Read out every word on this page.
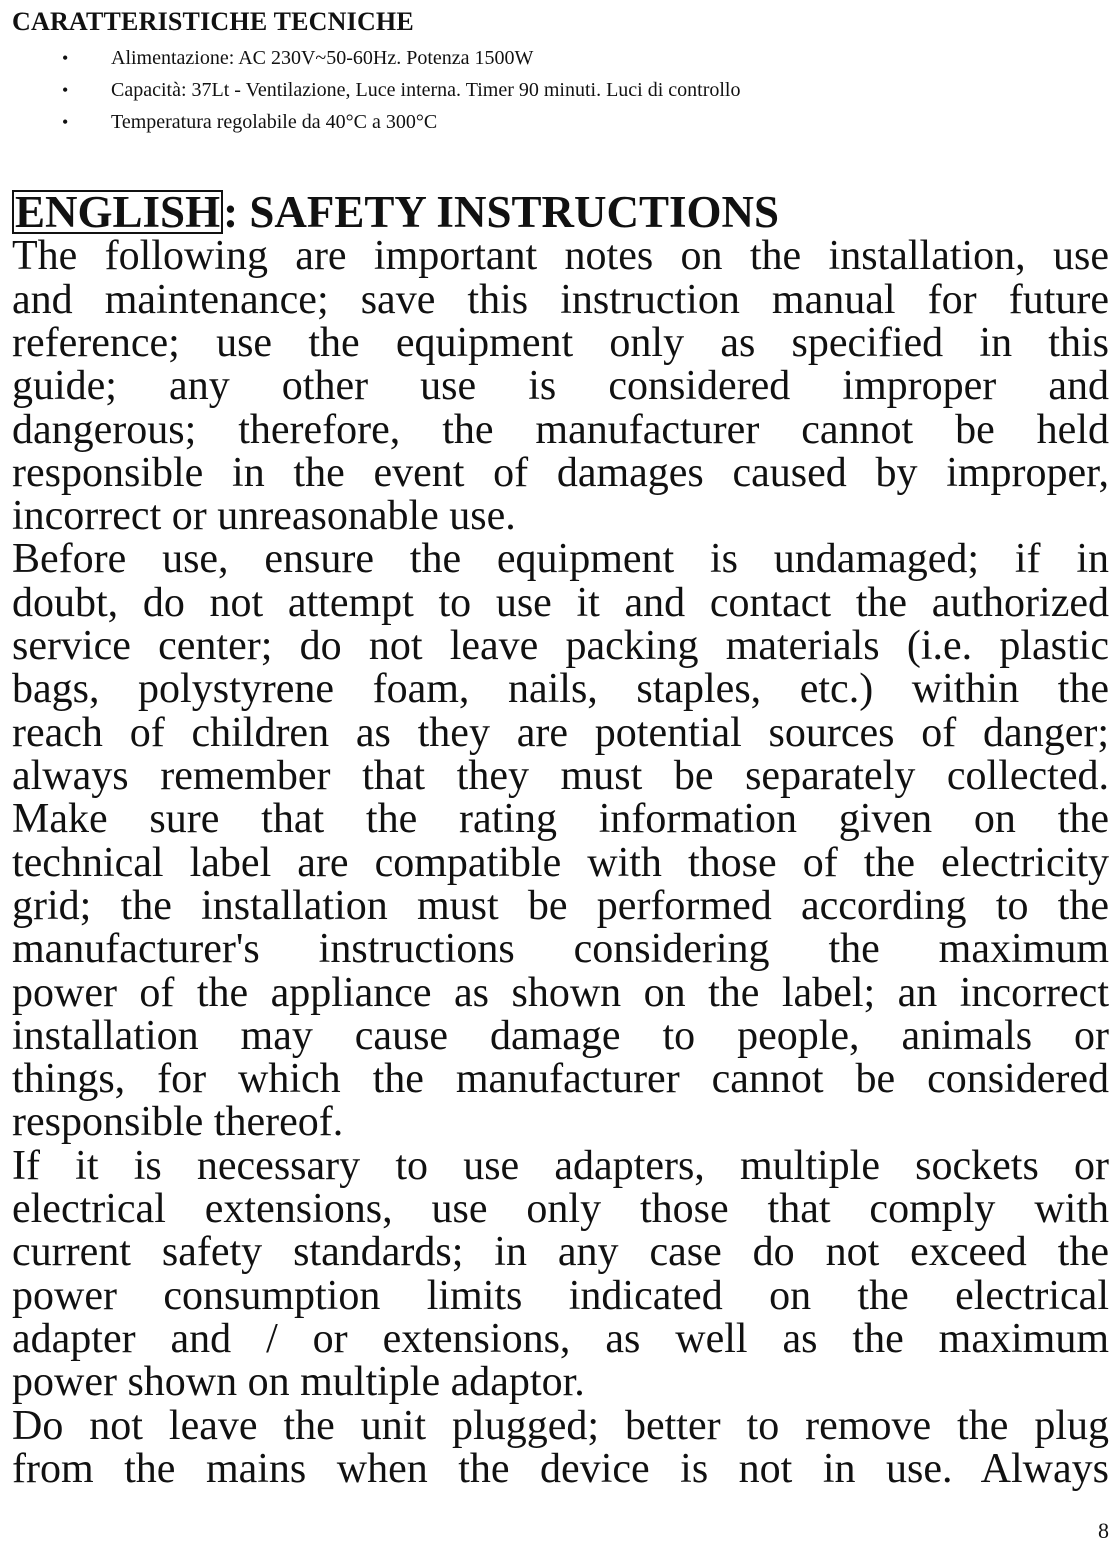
CARATTERISTICHE TECNICHE
• Alimentazione: AC 230V~50-60Hz. Potenza 1500W
• Capacità: 37Lt - Ventilazione, Luce interna. Timer 90 minuti. Luci di controllo
• Temperatura regolabile da 40°C a 300°C
ENGLISH: SAFETY INSTRUCTIONS

The following are important notes on the installation, use

and maintenance; save this instruction manual for future

reference; use the equipment only as specified in this

guide; any other use is considered improper and

dangerous; therefore, the manufacturer cannot be held

responsible in the event of damages caused by improper,

incorrect or unreasonable use.

Before use, ensure the equipment is undamaged; if in

doubt, do not attempt to use it and contact the authorized

service center; do not leave packing materials (i.e. plastic

bags, polystyrene foam, nails, staples, etc.) within the

reach of children as they are potential sources of danger;

always remember that they must be separately collected.

Make sure that the rating information given on the

technical label are compatible with those of the electricity

grid; the installation must be performed according to the

manufacturer's instructions considering the maximum

power of the appliance as shown on the label; an incorrect

installation may cause damage to people, animals or

things, for which the manufacturer cannot be considered

responsible thereof.

If it is necessary to use adapters, multiple sockets or

electrical extensions, use only those that comply with

current safety standards; in any case do not exceed the

power consumption limits indicated on the electrical

adapter and / or extensions, as well as the maximum

power shown on multiple adaptor.

Do not leave the unit plugged; better to remove the plug

from the mains when the device is not in use. Always

8
